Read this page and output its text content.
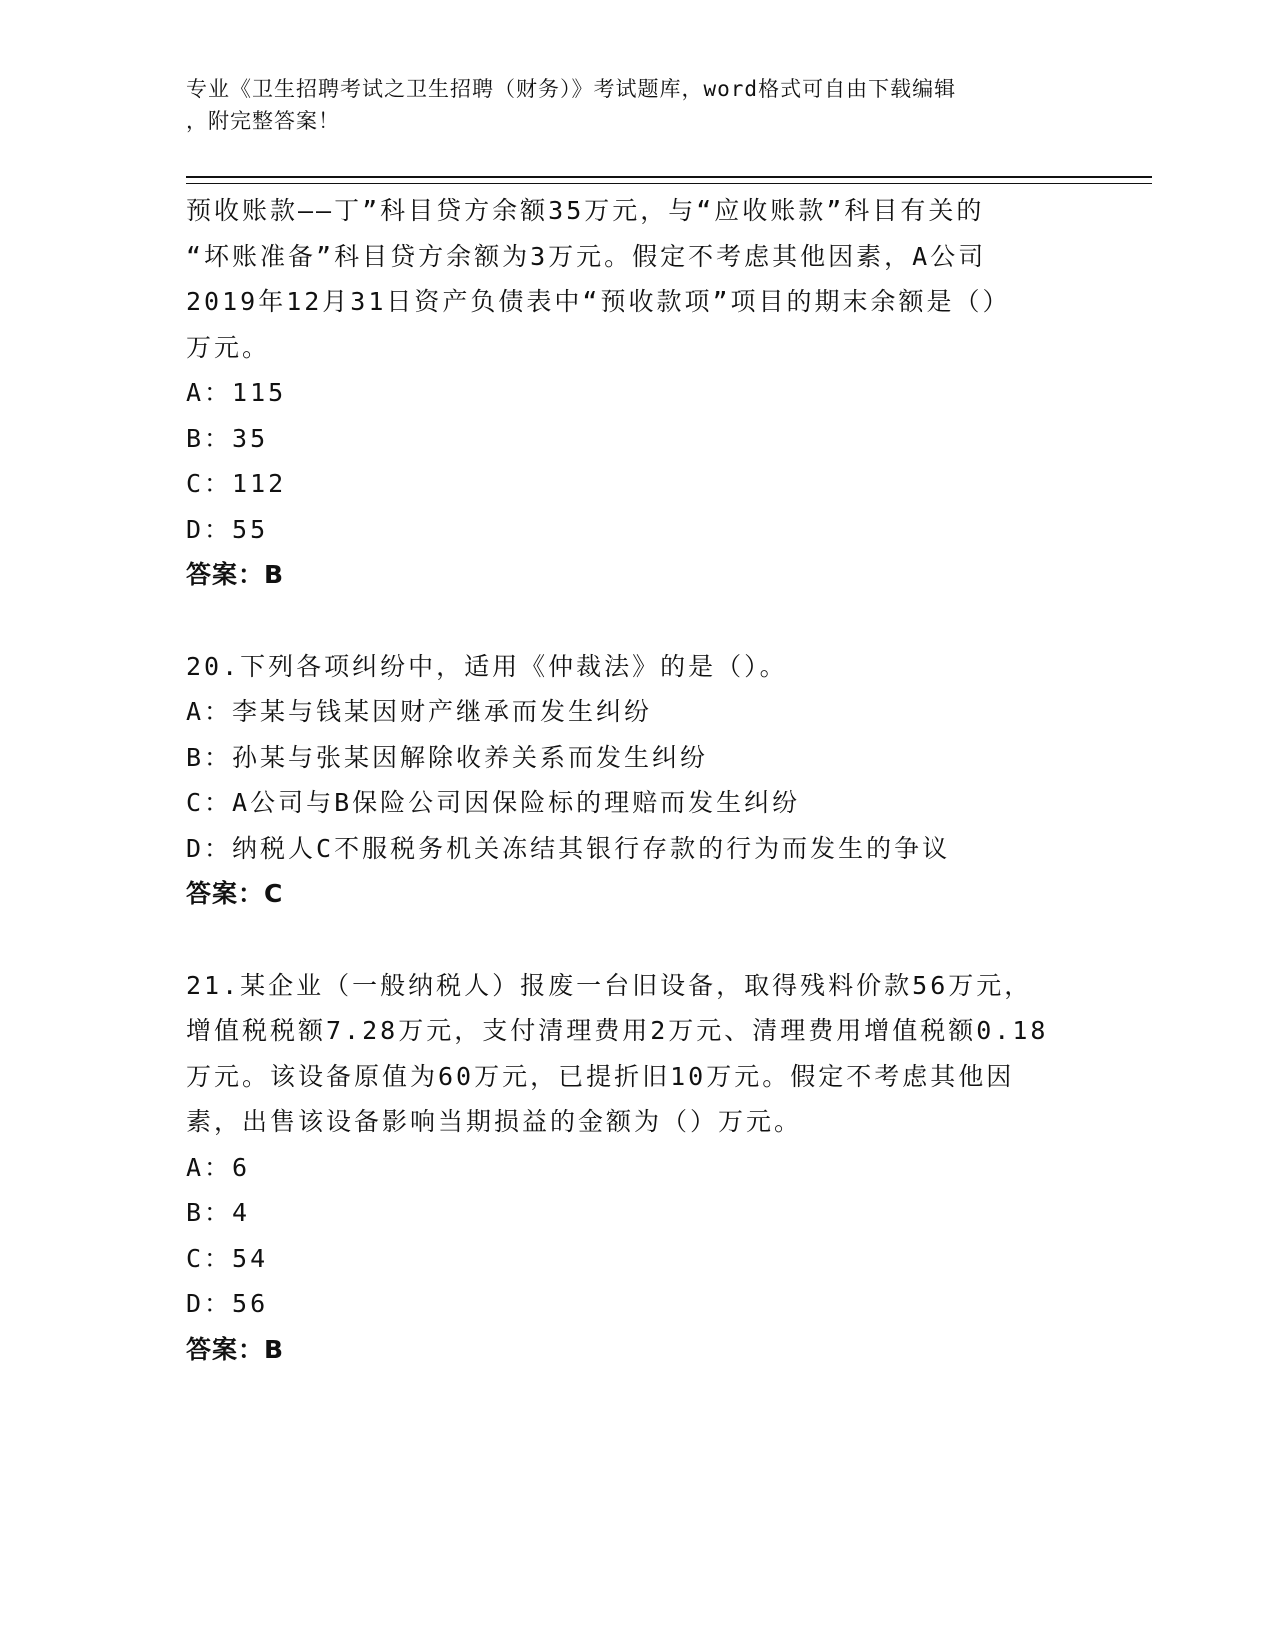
专业《卫生招聘考试之卫生招聘（财务）》考试题库，word格式可自由下载编辑
，附完整答案！
预收账款——丁”科目贷方余额35万元，与“应收账款”科目有关的
“坏账准备”科目贷方余额为3万元。假定不考虑其他因素，A公司
2019年12月31日资产负债表中“预收款项”项目的期末余额是（）
万元。
A：115
B：35
C：112
D：55
答案：B
20.下列各项纠纷中，适用《仲裁法》的是（）。
A：李某与钱某因财产继承而发生纠纷
B：孙某与张某因解除收养关系而发生纠纷
C：A公司与B保险公司因保险标的理赔而发生纠纷
D：纳税人C不服税务机关冻结其银行存款的行为而发生的争议
答案：C
21.某企业（一般纳税人）报废一台旧设备，取得残料价款56万元，
增值税税额7.28万元，支付清理费用2万元、清理费用增值税额0.18
万元。该设备原值为60万元，已提折旧10万元。假定不考虑其他因
素，出售该设备影响当期损益的金额为（）万元。
A：6
B：4
C：54
D：56
答案：B
